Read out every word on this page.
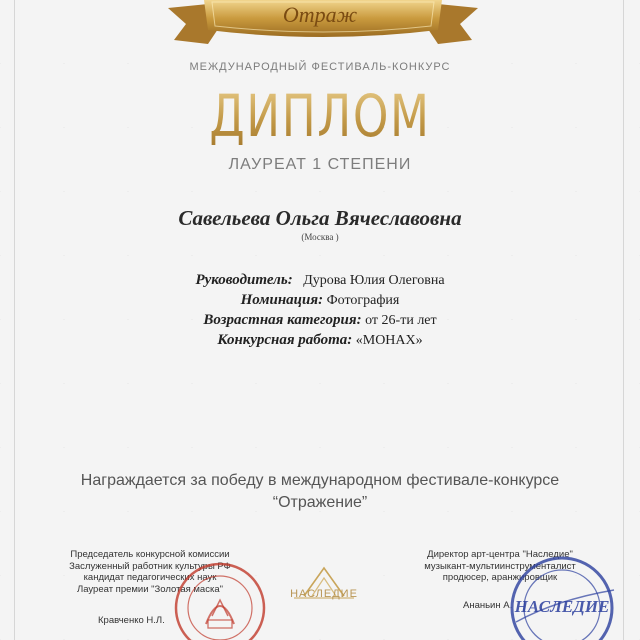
Отраж
МЕЖДУНАРОДНЫЙ ФЕСТИВАЛЬ-КОНКУРС
ДИПЛОМ
ЛАУРЕАТ 1 СТЕПЕНИ
Савельева Ольга Вячеславовна
(Москва )
Руководитель: Дурова Юлия Олеговна
Номинация: Фотография
Возрастная категория: от 26-ти лет
Конкурсная работа: «МОНАХ»
Награждается за победу в международном фестивале-конкурсе
“Отражение”
Председатель конкурсной комиссии
Заслуженный работник культуры РФ
кандидат педагогических наук
Лауреат премии "Золотая маска"
Кравченко Н.Л.
НАСЛЕДИЕ
Директор арт-центра "Наследие"
музыкант-мультиинструменталист
продюсер, аранжировщик
Ананьин А. НАСЛЕДИЕ
